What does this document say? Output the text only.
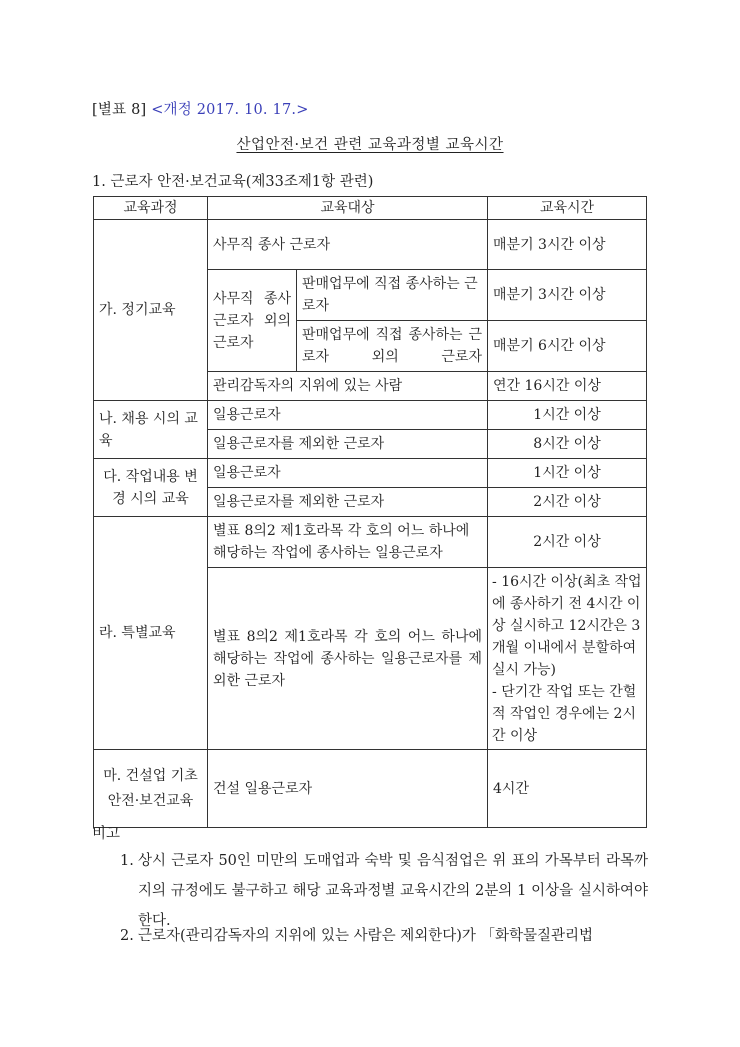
[별표 8] <개정 2017. 10. 17.>
산업안전·보건 관련 교육과정별 교육시간
1. 근로자 안전·보건교육(제33조제1항 관련)
교육과정	교육대상		교육시간
가. 정기교육	사무직 종사 근로자		매분기 3시간 이상
	사무직 종사 근로자 외의 근로자	판매업무에 직접 종사하는 근로자	매분기 3시간 이상
		판매업무에 직접 종사하는 근로자 외의 근로자	매분기 6시간 이상
	관리감독자의 지위에 있는 사람		연간 16시간 이상
나. 채용 시의 교육	일용근로자		1시간 이상
	일용근로자를 제외한 근로자		8시간 이상
다. 작업내용 변경 시의 교육	일용근로자		1시간 이상
	일용근로자를 제외한 근로자		2시간 이상
라. 특별교육	별표 8의2 제1호라목 각 호의 어느 하나에 해당하는 작업에 종사하는 일용근로자		2시간 이상
	별표 8의2 제1호라목 각 호의 어느 하나에 해당하는 작업에 종사하는 일용근로자를 제외한 근로자		- 16시간 이상(최초 작업에 종사하기 전 4시간 이상 실시하고 12시간은 3개월 이내에서 분할하여 실시 가능)
- 단기간 작업 또는 간헐적 작업인 경우에는 2시간 이상

마. 건설업 기초 안전·보건교육	건설 일용근로자		4시간
비고
1. 상시 근로자 50인 미만의 도매업과 숙박 및 음식점업은 위 표의 가목부터 라목까지의 규정에도 불구하고 해당 교육과정별 교육시간의 2분의 1 이상을 실시하여야 한다.
2. 근로자(관리감독자의 지위에 있는 사람은 제외한다)가 「화학물질관리법
